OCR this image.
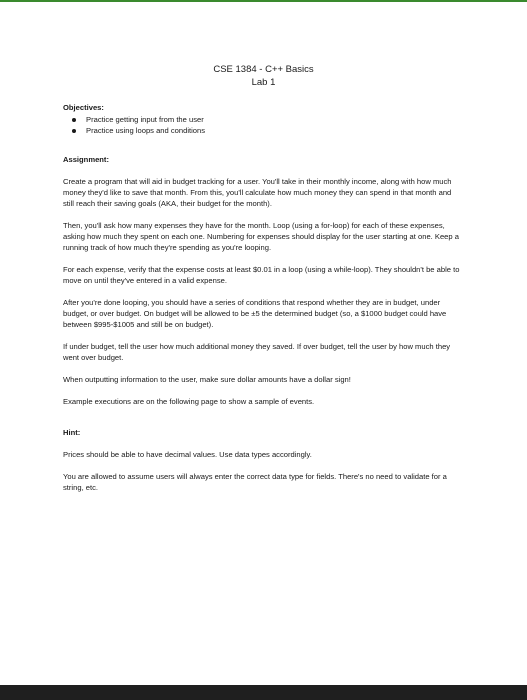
CSE 1384 - C++ Basics
Lab 1
Objectives:
Practice getting input from the user
Practice using loops and conditions
Assignment:

Create a program that will aid in budget tracking for a user. You'll take in their monthly income, along with how much money they'd like to save that month. From this, you'll calculate how much money they can spend in that month and still reach their saving goals (AKA, their budget for the month).

Then, you'll ask how many expenses they have for the month. Loop (using a for-loop) for each of these expenses, asking how much they spent on each one. Numbering for expenses should display for the user starting at one. Keep a running track of how much they're spending as you're looping.

For each expense, verify that the expense costs at least $0.01 in a loop (using a while-loop). They shouldn't be able to move on until they've entered in a valid expense.

After you're done looping, you should have a series of conditions that respond whether they are in budget, under budget, or over budget. On budget will be allowed to be ±5 the determined budget (so, a $1000 budget could have between $995-$1005 and still be on budget).

If under budget, tell the user how much additional money they saved. If over budget, tell the user by how much they went over budget.

When outputting information to the user, make sure dollar amounts have a dollar sign!

Example executions are on the following page to show a sample of events.

Hint:

Prices should be able to have decimal values. Use data types accordingly.

You are allowed to assume users will always enter the correct data type for fields. There's no need to validate for a string, etc.
